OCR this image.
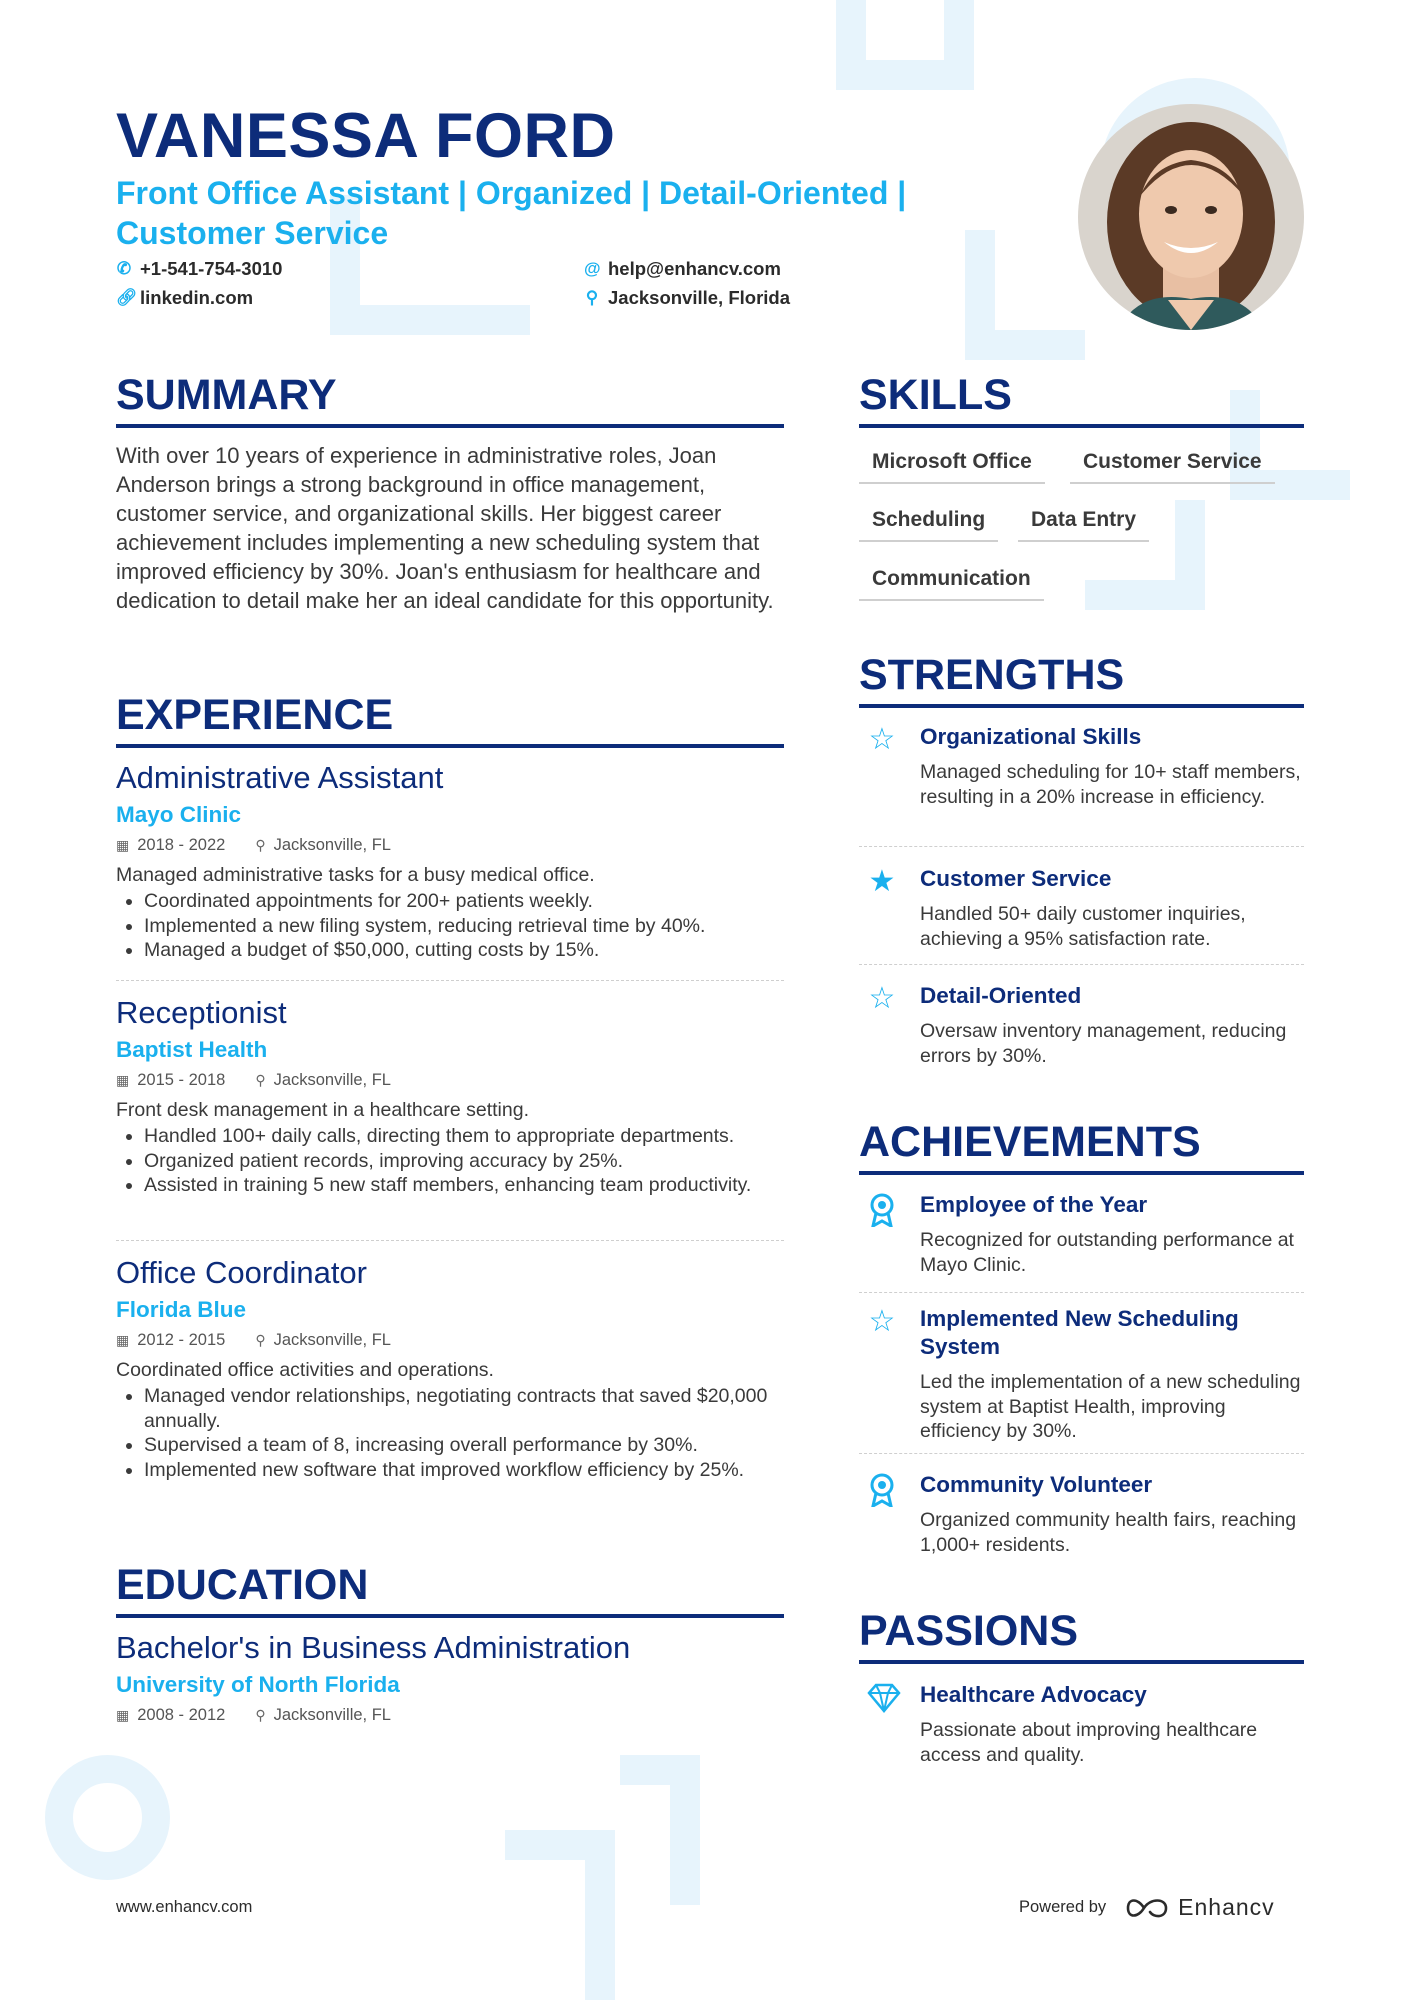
VANESSA FORD
Front Office Assistant | Organized | Detail-Oriented | Customer Service
✆ +1-541-754-3010
🔗︎ linkedin.com
@ help@enhancv.com
⚲ Jacksonville, Florida
SUMMARY
With over 10 years of experience in administrative roles, Joan Anderson brings a strong background in office management, customer service, and organizational skills. Her biggest career achievement includes implementing a new scheduling system that improved efficiency by 30%. Joan's enthusiasm for healthcare and dedication to detail make her an ideal candidate for this opportunity.
EXPERIENCE
Administrative Assistant
Mayo Clinic
▦ 2018 - 2022 ⚲ Jacksonville, FL
Managed administrative tasks for a busy medical office.
• Coordinated appointments for 200+ patients weekly.
• Implemented a new filing system, reducing retrieval time by 40%.
• Managed a budget of $50,000, cutting costs by 15%.
Receptionist
Baptist Health
▦ 2015 - 2018 ⚲ Jacksonville, FL
Front desk management in a healthcare setting.
• Handled 100+ daily calls, directing them to appropriate departments.
• Organized patient records, improving accuracy by 25%.
• Assisted in training 5 new staff members, enhancing team productivity.
Office Coordinator
Florida Blue
▦ 2012 - 2015 ⚲ Jacksonville, FL
Coordinated office activities and operations.
• Managed vendor relationships, negotiating contracts that saved $20,000 annually.
• Supervised a team of 8, increasing overall performance by 30%.
• Implemented new software that improved workflow efficiency by 25%.
EDUCATION
Bachelor's in Business Administration
University of North Florida
▦ 2008 - 2012 ⚲ Jacksonville, FL
SKILLS
Microsoft Office	Customer Service
Scheduling	Data Entry
Communication
STRENGTHS
☆ Organizational Skills
Managed scheduling for 10+ staff members, resulting in a 20% increase in efficiency.
★ Customer Service
Handled 50+ daily customer inquiries, achieving a 95% satisfaction rate.
☆ Detail-Oriented
Oversaw inventory management, reducing errors by 30%.
ACHIEVEMENTS
Employee of the Year
Recognized for outstanding performance at Mayo Clinic.
☆ Implemented New Scheduling System
Led the implementation of a new scheduling system at Baptist Health, improving efficiency by 30%.
Community Volunteer
Organized community health fairs, reaching 1,000+ residents.
PASSIONS
Healthcare Advocacy
Passionate about improving healthcare access and quality.
www.enhancv.com	Powered by	Enhancv
